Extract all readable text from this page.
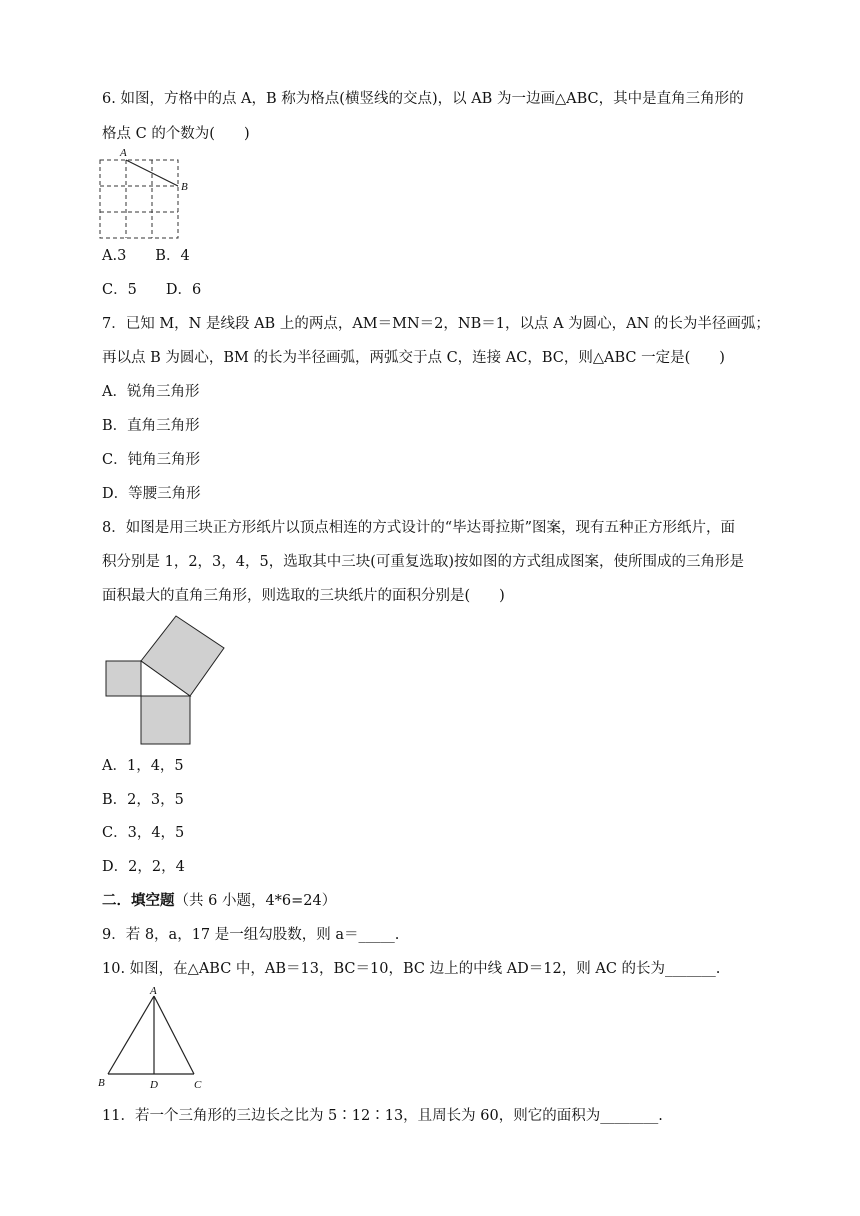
6. 如图，方格中的点 A，B 称为格点(横竖线的交点)，以 AB 为一边画△ABC，其中是直角三角形的
格点 C 的个数为(　　)
A
B
A.3　　B．4
C．5　　D．6
7．已知 M，N 是线段 AB 上的两点，AM＝MN＝2，NB＝1，以点 A 为圆心，AN 的长为半径画弧；
再以点 B 为圆心，BM 的长为半径画弧，两弧交于点 C，连接 AC，BC，则△ABC 一定是(　　)
A．锐角三角形
B．直角三角形
C．钝角三角形
D．等腰三角形
8．如图是用三块正方形纸片以顶点相连的方式设计的“毕达哥拉斯”图案，现有五种正方形纸片，面
积分别是 1，2，3，4，5，选取其中三块(可重复选取)按如图的方式组成图案，使所围成的三角形是
面积最大的直角三角形，则选取的三块纸片的面积分别是(　　)
A．1，4，5
B．2，3，5
C．3，4，5
D．2，2，4
二．填空题（共 6 小题，4*6=24）
9．若 8，a，17 是一组勾股数，则 a＝_____.
10. 如图，在△ABC 中，AB＝13，BC＝10，BC 边上的中线 AD＝12，则 AC 的长为_______.
A
B	D	C
11．若一个三角形的三边长之比为 5∶12∶13，且周长为 60，则它的面积为________.
